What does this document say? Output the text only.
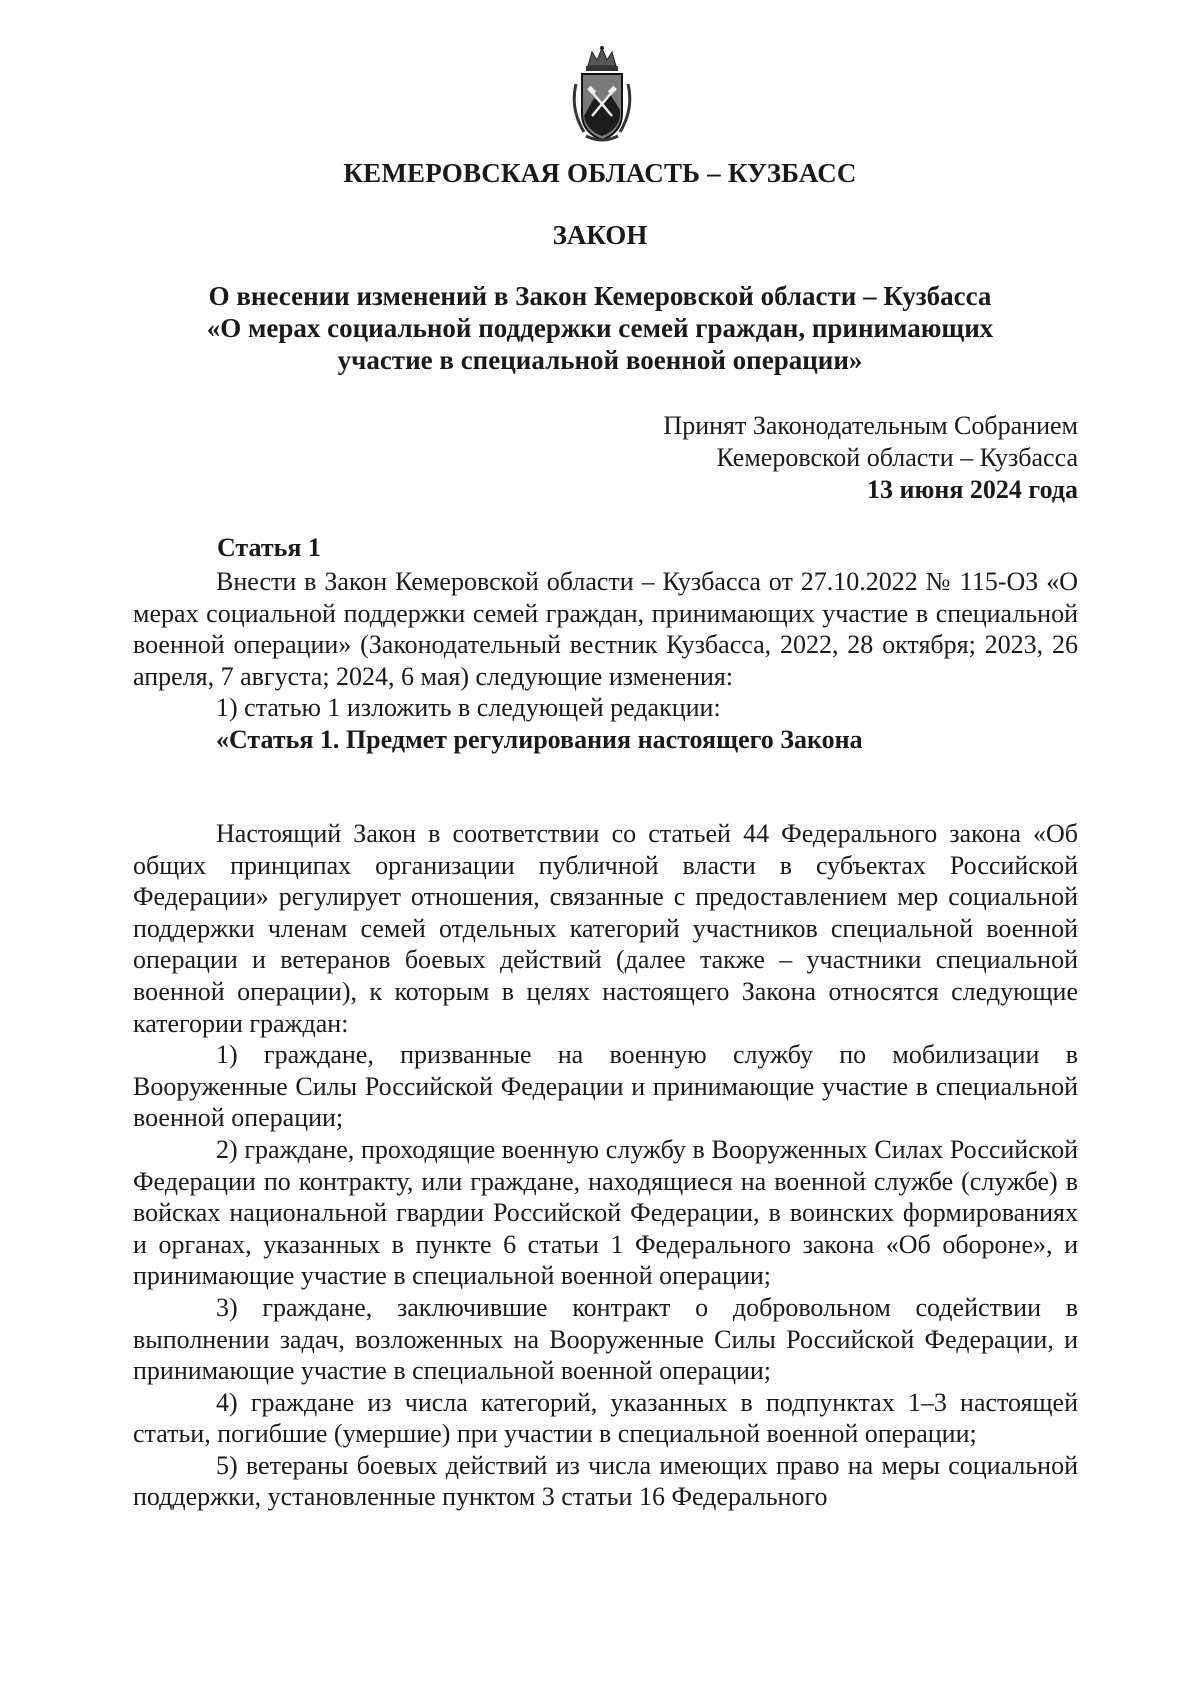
КЕМЕРОВСКАЯ ОБЛАСТЬ – КУЗБАСС
ЗАКОН
О внесении изменений в Закон Кемеровской области – Кузбасса
«О мерах социальной поддержки семей граждан, принимающих
участие в специальной военной операции»
Принят Законодательным Собранием
Кемеровской области – Кузбасса
13 июня 2024 года
Статья 1

Внести в Закон Кемеровской области – Кузбасса от 27.10.2022 № 115-ОЗ «О мерах социальной поддержки семей граждан, принимающих участие в специальной военной операции» (Законодательный вестник Кузбасса, 2022, 28 октября; 2023, 26 апреля, 7 августа; 2024, 6 мая) следующие изменения:

1) статью 1 изложить в следующей редакции:

«Статья 1. Предмет регулирования настоящего Закона

Настоящий Закон в соответствии со статьей 44 Федерального закона «Об общих принципах организации публичной власти в субъектах Российской Федерации» регулирует отношения, связанные с предоставлением мер социальной поддержки членам семей отдельных категорий участников специальной военной операции и ветеранов боевых действий (далее также – участники специальной военной операции), к которым в целях настоящего Закона относятся следующие категории граждан:

1) граждане, призванные на военную службу по мобилизации в Вооруженные Силы Российской Федерации и принимающие участие в специальной военной операции;

2) граждане, проходящие военную службу в Вооруженных Силах Российской Федерации по контракту, или граждане, находящиеся на военной службе (службе) в войсках национальной гвардии Российской Федерации, в воинских формированиях и органах, указанных в пункте 6 статьи 1 Федерального закона «Об обороне», и принимающие участие в специальной военной операции;

3) граждане, заключившие контракт о добровольном содействии в выполнении задач, возложенных на Вооруженные Силы Российской Федерации, и принимающие участие в специальной военной операции;

4) граждане из числа категорий, указанных в подпунктах 1–3 настоящей статьи, погибшие (умершие) при участии в специальной военной операции;

5) ветераны боевых действий из числа имеющих право на меры социальной поддержки, установленные пунктом 3 статьи 16 Федерального
